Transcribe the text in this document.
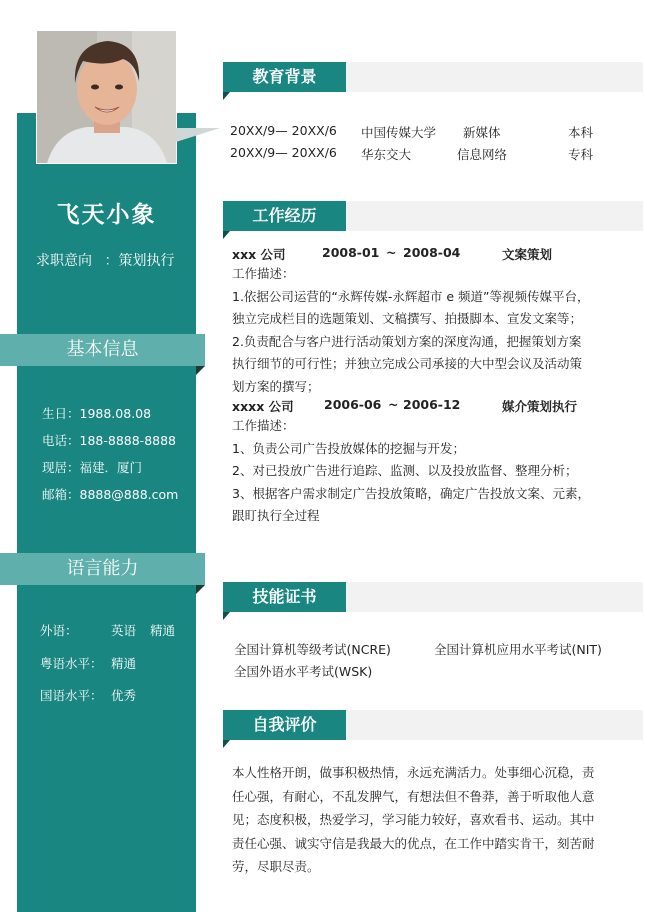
飞天小象
求职意向 ：策划执行
基本信息
生日：1988.08.08
电话：188-8888-8888
现居：福建．厦门
邮箱：8888@888.com
语言能力
外语：	英语 精通
粤语水平： 精通
国语水平： 优秀
教育背景
20XX/9— 20XX/6 中国传媒大学 新媒体	本科
20XX/9— 20XX/6 华东交大	信息网络	专科
工作经历
xxx 公司	2008-01 ~ 2008-04	文案策划
工作描述：
1.依据公司运营的“永辉传媒-永辉超市 e 频道”等视频传媒平台，
独立完成栏目的选题策划、文稿撰写、拍摄脚本、宣发文案等；
2.负责配合与客户进行活动策划方案的深度沟通，把握策划方案
执行细节的可行性；并独立完成公司承接的大中型会议及活动策
划方案的撰写；
xxxx 公司 2006-06 ~ 2006-12	媒介策划执行
工作描述：
1、负责公司广告投放媒体的挖掘与开发；
2、对已投放广告进行追踪、监测、以及投放监督、整理分析；
3、根据客户需求制定广告投放策略，确定广告投放文案、元素，
跟盯执行全过程
技能证书
全国计算机等级考试(NCRE)	全国计算机应用水平考试(NIT)
全国外语水平考试(WSK)
自我评价
本人性格开朗，做事积极热情，永远充满活力。处事细心沉稳，责
任心强，有耐心，不乱发脾气，有想法但不鲁莽，善于听取他人意
见；态度积极，热爱学习，学习能力较好，喜欢看书、运动。其中
责任心强、诚实守信是我最大的优点，在工作中踏实肯干，刻苦耐
劳，尽职尽责。
